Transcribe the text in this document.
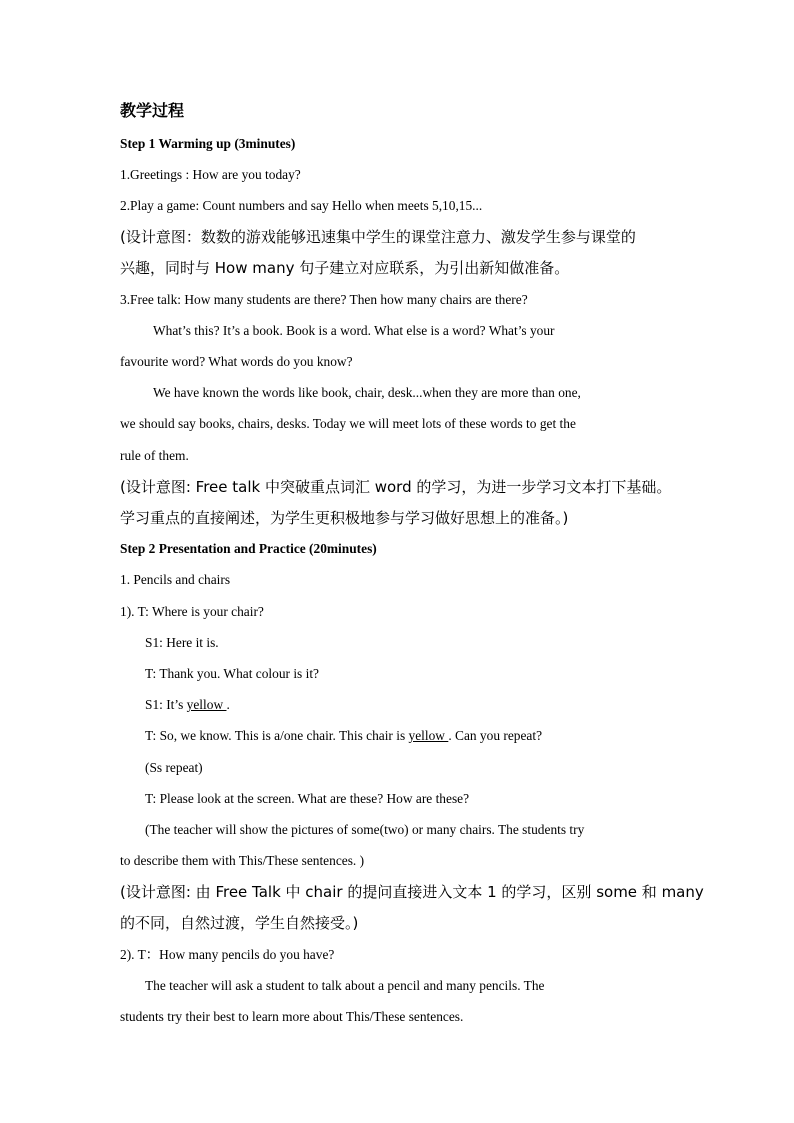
教学过程
Step 1 Warming up (3minutes)
1.Greetings : How are you today?
2.Play a game: Count numbers and say Hello when meets 5,10,15...
(设计意图：数数的游戏能够迅速集中学生的课堂注意力、激发学生参与课堂的
兴趣，同时与 How many 句子建立对应联系，为引出新知做准备。
3.Free talk: How many students are there? Then how many chairs are there?
What’s this? It’s a book. Book is a word. What else is a word? What’s your
favourite word? What words do you know?
We have known the words like book, chair, desk...when they are more than one,
we should say books, chairs, desks. Today we will meet lots of these words to get the
rule of them.
(设计意图: Free talk 中突破重点词汇 word 的学习，为进一步学习文本打下基础。
学习重点的直接阐述，为学生更积极地参与学习做好思想上的准备。)
Step 2 Presentation and Practice (20minutes)
1. Pencils and chairs
1). T: Where is your chair?
S1: Here it is.
T: Thank you. What colour is it?
S1: It’s yellow .
T: So, we know. This is a/one chair. This chair is yellow . Can you repeat?
(Ss repeat)
T: Please look at the screen. What are these? How are these?
(The teacher will show the pictures of some(two) or many chairs. The students try
to describe them with This/These sentences. )
(设计意图: 由 Free Talk 中 chair 的提问直接进入文本 1 的学习，区别 some 和 many
的不同，自然过渡，学生自然接受。)
2). T：How many pencils do you have?
The teacher will ask a student to talk about a pencil and many pencils. The
students try their best to learn more about This/These sentences.
